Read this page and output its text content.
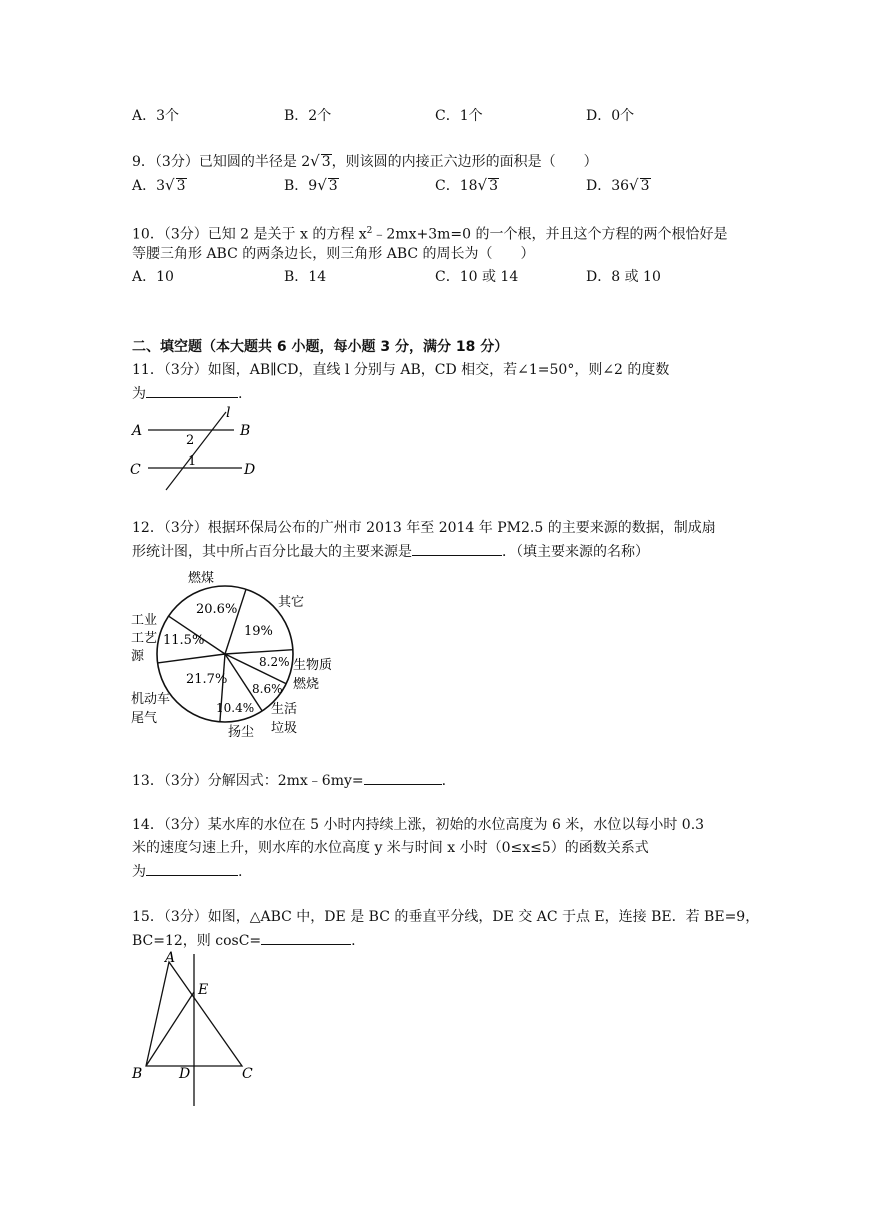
A．3个	B．2个	C．1个	D．0个
9．（3分）已知圆的半径是 2√ 3，则该圆的内接正六边形的面积是（　　）
A．3√ 3	B．9√ 3	C．18√ 3	D．36√ 3
10．（3分）已知 2 是关于 x 的方程 $x^2﹣2mx+3m=0$ 的一个根，并且这个方程的两个根恰好是
等腰三角形 ABC 的两条边长，则三角形 ABC 的周长为（　　）
A．10	B．14	C．10 或 14	D．8 或 10
二、填空题（本大题共 6 小题，每小题 3 分，满分 18 分）
11．（3分）如图，AB∥CD，直线 l 分别与 AB，CD 相交，若∠1=50°，则∠2 的度数
为	.
A	B
C	D
l
2
1
12．（3分）根据环保局公布的广州市 2013 年至 2014 年 PM2.5 的主要来源的数据，制成扇
形统计图，其中所占百分比最大的主要来源是	．（填主要来源的名称）
20.6%
19%
8.2%
8.6%
10.4%
21.7%
11.5%
燃煤
其它
生物质
燃烧
生活
垃圾
扬尘
机动车
尾气
工业
工艺
源
13．（3分）分解因式：2mx﹣6my=	.
14．（3分）某水库的水位在 5 小时内持续上涨，初始的水位高度为 6 米，水位以每小时 0.3
米的速度匀速上升，则水库的水位高度 y 米与时间 x 小时（0≤x≤5）的函数关系式
为	.
15．（3分）如图，△ABC 中，DE 是 BC 的垂直平分线，DE 交 AC 于点 E，连接 BE．若 BE=9，
BC=12，则 cosC=	.
A
B	C
D
E
